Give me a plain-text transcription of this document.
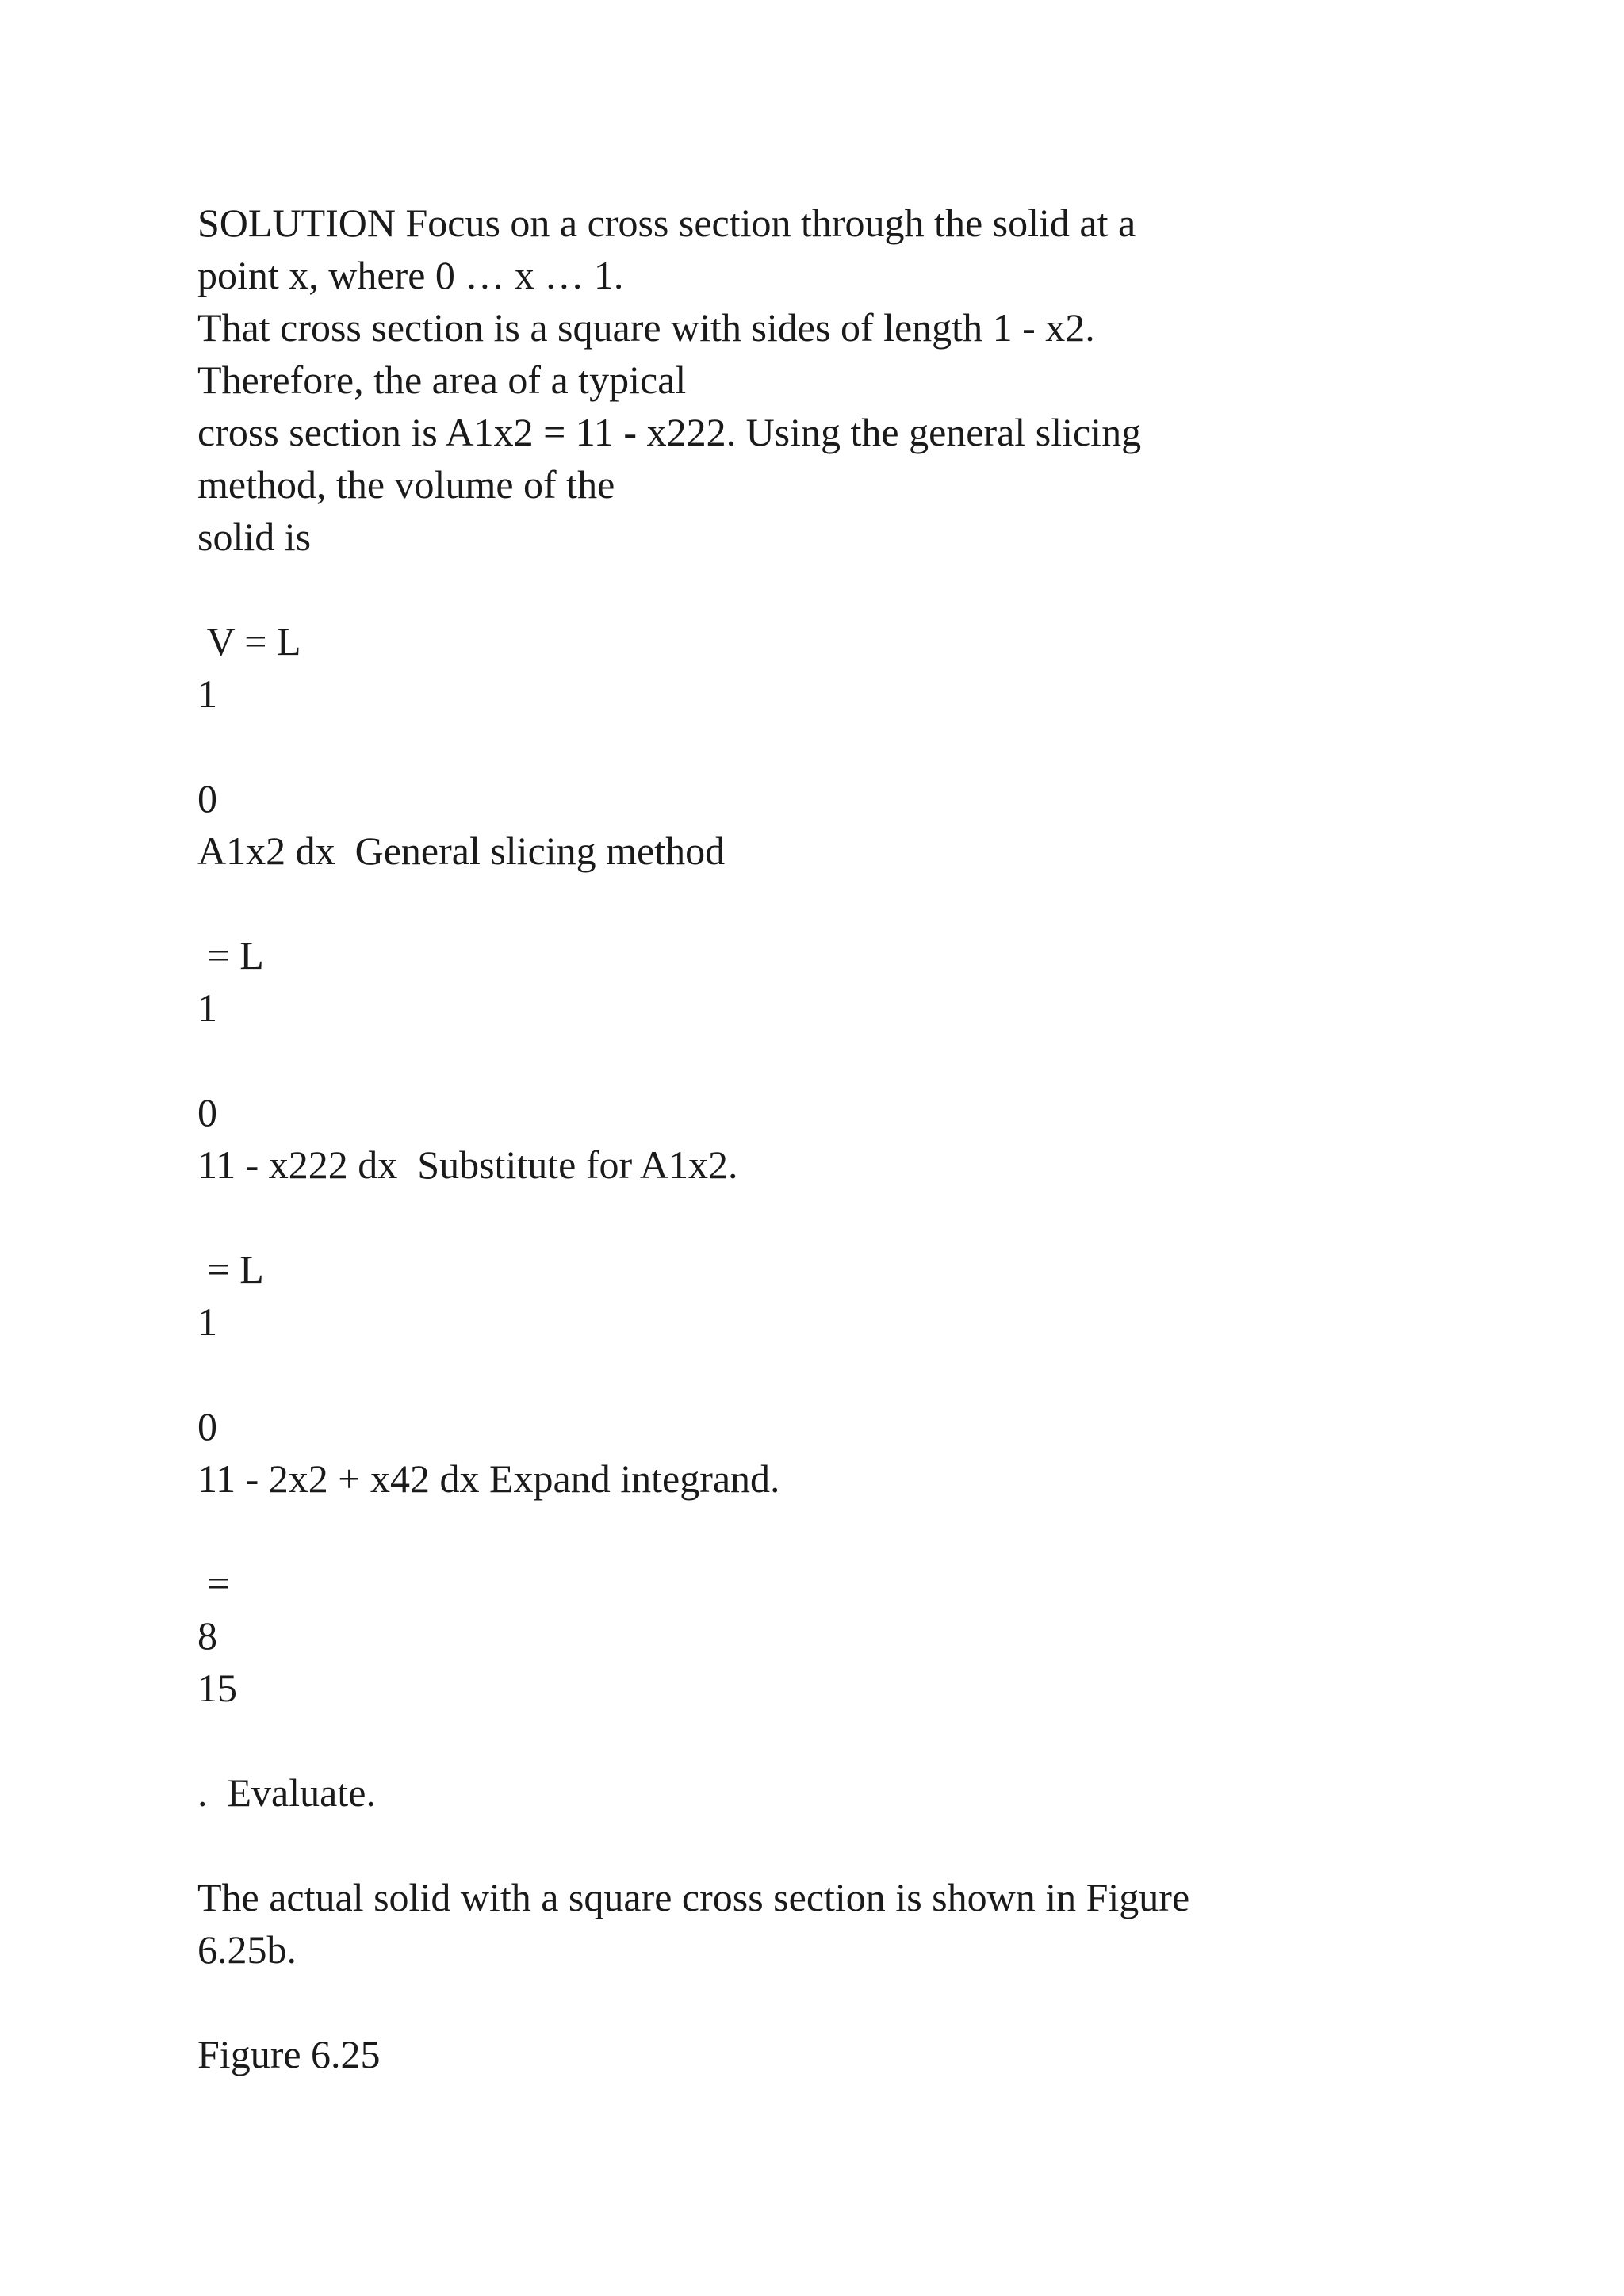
SOLUTION Focus on a cross section through the solid at a

point x, where 0 … x … 1.

That cross section is a square with sides of length 1 - x2.

Therefore, the area of a typical

cross section is A1x2 = 11 - x222. Using the general slicing

method, the volume of the

solid is

V = L

1

0

A1x2 dx  General slicing method

= L

1

0

11 - x222 dx  Substitute for A1x2.

= L

1

0

11 - 2x2 + x42 dx Expand integrand.

=

8

15

.  Evaluate.

The actual solid with a square cross section is shown in Figure

6.25b.

Figure 6.25
